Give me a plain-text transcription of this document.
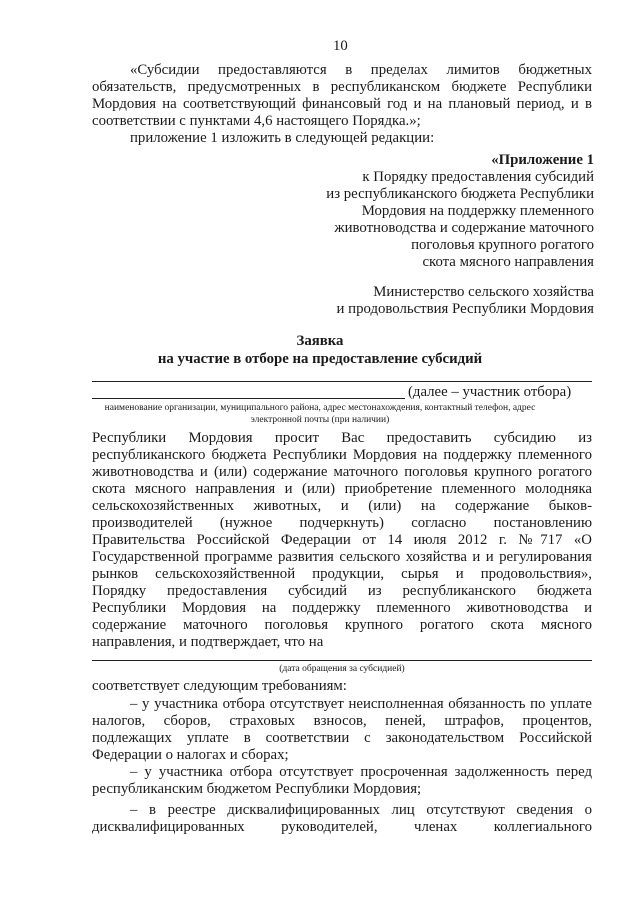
10
«Субсидии предоставляются в пределах лимитов бюджетных
обязательств, предусмотренных в республиканском бюджете Республики
Мордовия на соответствующий финансовый год и на плановый период, и в
соответствии с пунктами 4,6 настоящего Порядка.»;
приложение 1 изложить в следующей редакции:
«Приложение 1
к Порядку предоставления субсидий
из республиканского бюджета Республики
Мордовия на поддержку племенного
животноводства и содержание маточного
поголовья крупного рогатого
скота мясного направления
Министерство сельского хозяйства
и продовольствия Республики Мордовия
Заявка
на участие в отборе на предоставление субсидий
(далее – участник отбора)
наименование организации, муниципального района, адрес местонахождения, контактный телефон, адрес
электронной почты (при наличии)
Республики Мордовия просит Вас предоставить субсидию из
республиканского бюджета Республики Мордовия на поддержку племенного
животноводства и (или) содержание маточного поголовья крупного рогатого
скота мясного направления и (или) приобретение племенного молодняка
сельскохозяйственных животных, и (или) на содержание быков-
производителей (нужное подчеркнуть) согласно постановлению
Правительства Российской Федерации от 14 июля 2012 г. №717 «О
Государственной программе развития сельского хозяйства и и регулирования
рынков сельскохозяйственной продукции, сырья и продовольствия»,
Порядку предоставления субсидий из республиканского бюджета
Республики Мордовия на поддержку племенного животноводства и
содержание маточного поголовья крупного рогатого скота мясного
направления, и подтверждает, что на
(дата обращения за субсидией)
соответствует следующим требованиям:
– у участника отбора отсутствует неисполненная обязанность по уплате
налогов, сборов, страховых взносов, пеней, штрафов, процентов,
подлежащих уплате в соответствии с законодательством Российской
Федерации о налогах и сборах;
– у участника отбора отсутствует просроченная задолженность перед
республиканским бюджетом Республики Мордовия;
– в реестре дисквалифицированных лиц отсутствуют сведения о
дисквалифицированных руководителей, членах коллегиального
